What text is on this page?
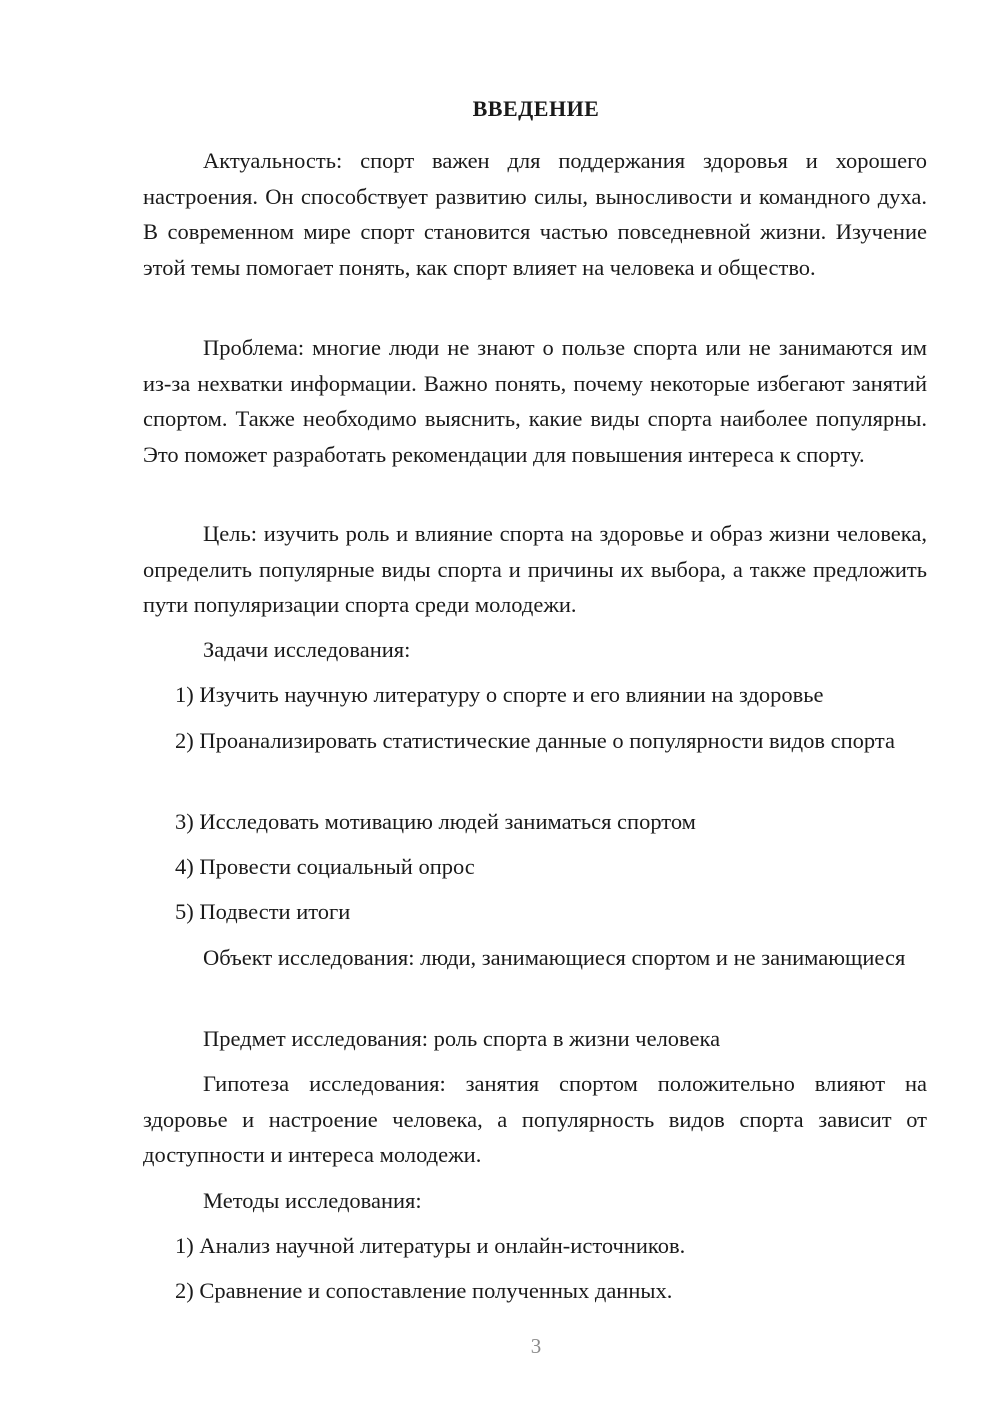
ВВЕДЕНИЕ

Актуальность: спорт важен для поддержания здоровья и хорошего настроения. Он способствует развитию силы, выносливости и командного духа. В современном мире спорт становится частью повседневной жизни. Изучение этой темы помогает понять, как спорт влияет на человека и общество.

Проблема: многие люди не знают о пользе спорта или не занимаются им из-за нехватки информации. Важно понять, почему некоторые избегают занятий спортом. Также необходимо выяснить, какие виды спорта наиболее популярны. Это поможет разработать рекомендации для повышения интереса к спорту.

Цель: изучить роль и влияние спорта на здоровье и образ жизни человека, определить популярные виды спорта и причины их выбора, а также предложить пути популяризации спорта среди молодежи.

Задачи исследования:

1) Изучить научную литературу о спорте и его влиянии на здоровье

2) Проанализировать статистические данные о популярности видов спорта

3) Исследовать мотивацию людей заниматься спортом

4) Провести социальный опрос

5) Подвести итоги

Объект исследования: люди, занимающиеся спортом и не занимающиеся

Предмет исследования: роль спорта в жизни человека

Гипотеза исследования: занятия спортом положительно влияют на здоровье и настроение человека, а популярность видов спорта зависит от доступности и интереса молодежи.

Методы исследования:

1) Анализ научной литературы и онлайн-источников.

2) Сравнение и сопоставление полученных данных.

3
